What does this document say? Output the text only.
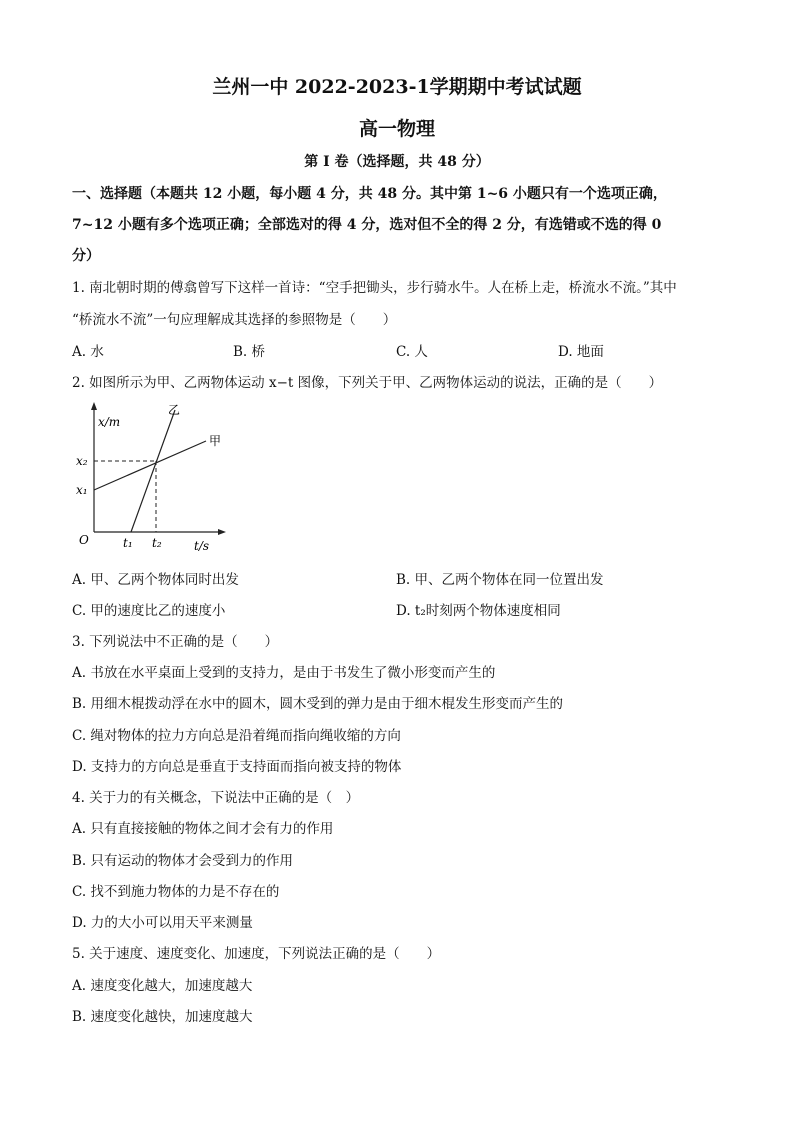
兰州一中 2022-2023-1学期期中考试试题
高一物理
第 I 卷（选择题，共 48 分）
一、选择题（本题共 12 小题，每小题 4 分，共 48 分。其中第 1~6 小题只有一个选项正确，
7~12 小题有多个选项正确；全部选对的得 4 分，选对但不全的得 2 分，有选错或不选的得 0
分）
1. 南北朝时期的傅翕曾写下这样一首诗：“空手把锄头，步行骑水牛。人在桥上走，桥流水不流。”其中
“桥流水不流”一句应理解成其选择的参照物是（　　）
A. 水	B. 桥	C. 人	D. 地面
2. 如图所示为甲、乙两物体运动 x−t 图像，下列关于甲、乙两物体运动的说法，正确的是（　　）
x/m
t/s
O	t₁ t₂
x₂
x₁
甲
乙
A. 甲、乙两个物体同时出发	B. 甲、乙两个物体在同一位置出发
C. 甲的速度比乙的速度小	D. t₂时刻两个物体速度相同
3. 下列说法中不正确的是（　　）
A. 书放在水平桌面上受到的支持力，是由于书发生了微小形变而产生的
B. 用细木棍拨动浮在水中的圆木，圆木受到的弹力是由于细木棍发生形变而产生的
C. 绳对物体的拉力方向总是沿着绳而指向绳收缩的方向
D. 支持力的方向总是垂直于支持面而指向被支持的物体
4. 关于力的有关概念，下说法中正确的是（　）
A. 只有直接接触的物体之间才会有力的作用
B. 只有运动的物体才会受到力的作用
C. 找不到施力物体的力是不存在的
D. 力的大小可以用天平来测量
5. 关于速度、速度变化、加速度，下列说法正确的是（　　）
A. 速度变化越大，加速度越大
B. 速度变化越快，加速度越大
